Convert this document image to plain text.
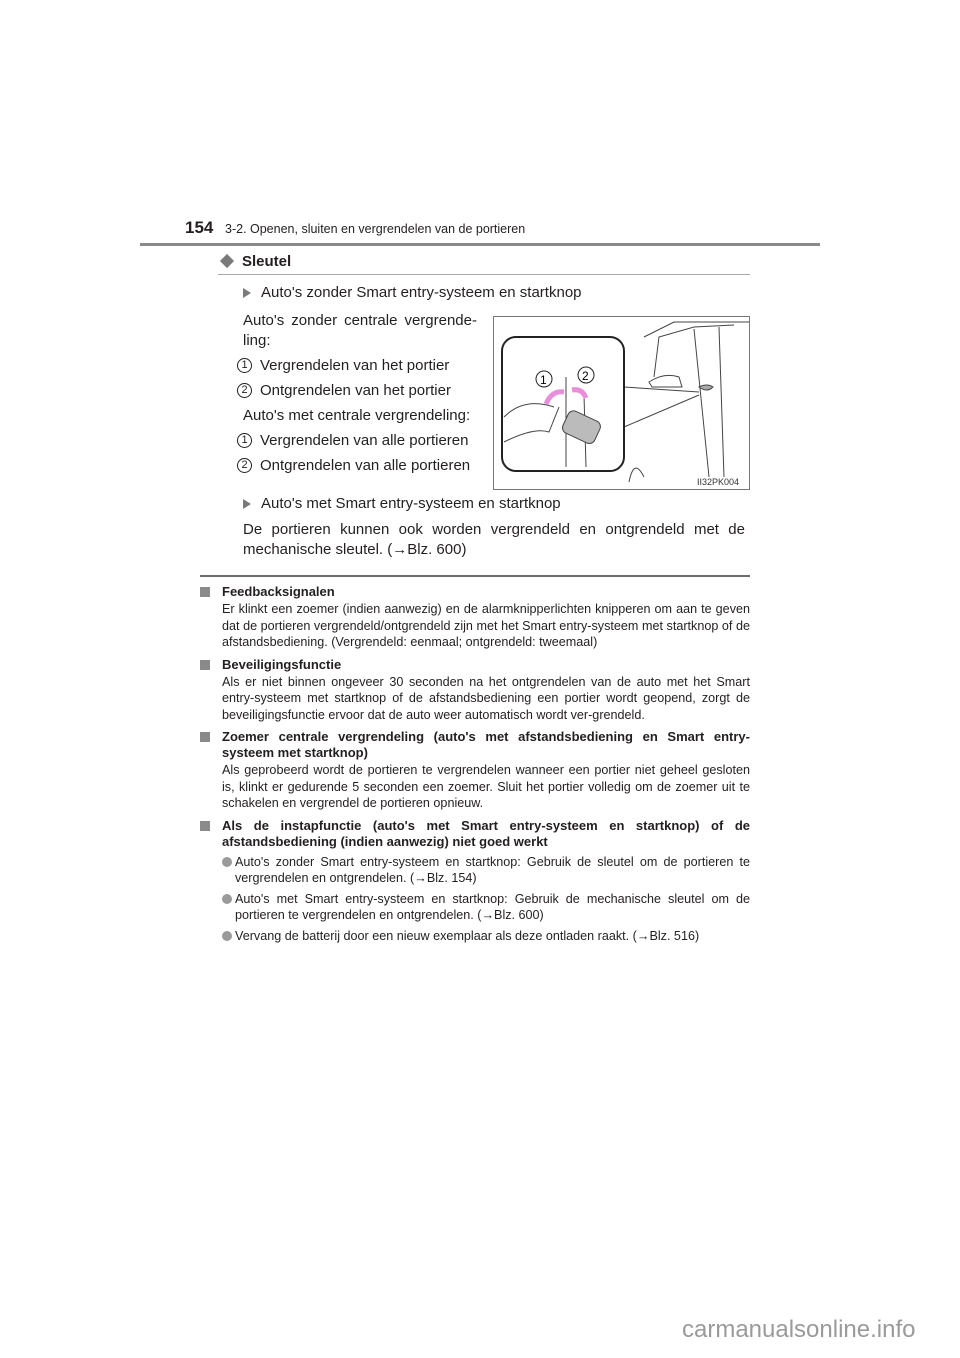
154 3-2. Openen, sluiten en vergrendelen van de portieren
Sleutel
Auto's zonder Smart entry-systeem en startknop
Auto's zonder centrale vergrende-ling:
1 Vergrendelen van het portier
2 Ontgrendelen van het portier
Auto's met centrale vergrendeling:
1 Vergrendelen van alle portieren
2 Ontgrendelen van alle portieren
1	2
II32PK004
Auto's met Smart entry-systeem en startknop
De portieren kunnen ook worden vergrendeld en ontgrendeld met de mechanische sleutel. (→Blz. 600)
Feedbacksignalen
Er klinkt een zoemer (indien aanwezig) en de alarmknipperlichten knipperen om aan te geven dat de portieren vergrendeld/ontgrendeld zijn met het Smart entry-systeem met startknop of de afstandsbediening. (Vergrendeld: eenmaal; ontgrendeld: tweemaal)
Beveiligingsfunctie
Als er niet binnen ongeveer 30 seconden na het ontgrendelen van de auto met het Smart entry-systeem met startknop of de afstandsbediening een portier wordt geopend, zorgt de beveiligingsfunctie ervoor dat de auto weer automatisch wordt ver-grendeld.
Zoemer centrale vergrendeling (auto's met afstandsbediening en Smart entry-systeem met startknop)
Als geprobeerd wordt de portieren te vergrendelen wanneer een portier niet geheel gesloten is, klinkt er gedurende 5 seconden een zoemer. Sluit het portier volledig om de zoemer uit te schakelen en vergrendel de portieren opnieuw.
Als de instapfunctie (auto's met Smart entry-systeem en startknop) of de afstandsbediening (indien aanwezig) niet goed werkt
Auto's zonder Smart entry-systeem en startknop: Gebruik de sleutel om de portieren te vergrendelen en ontgrendelen. (→Blz. 154)
Auto's met Smart entry-systeem en startknop: Gebruik de mechanische sleutel om de portieren te vergrendelen en ontgrendelen. (→Blz. 600)
Vervang de batterij door een nieuw exemplaar als deze ontladen raakt. (→Blz. 516)
carmanualsonline.info
